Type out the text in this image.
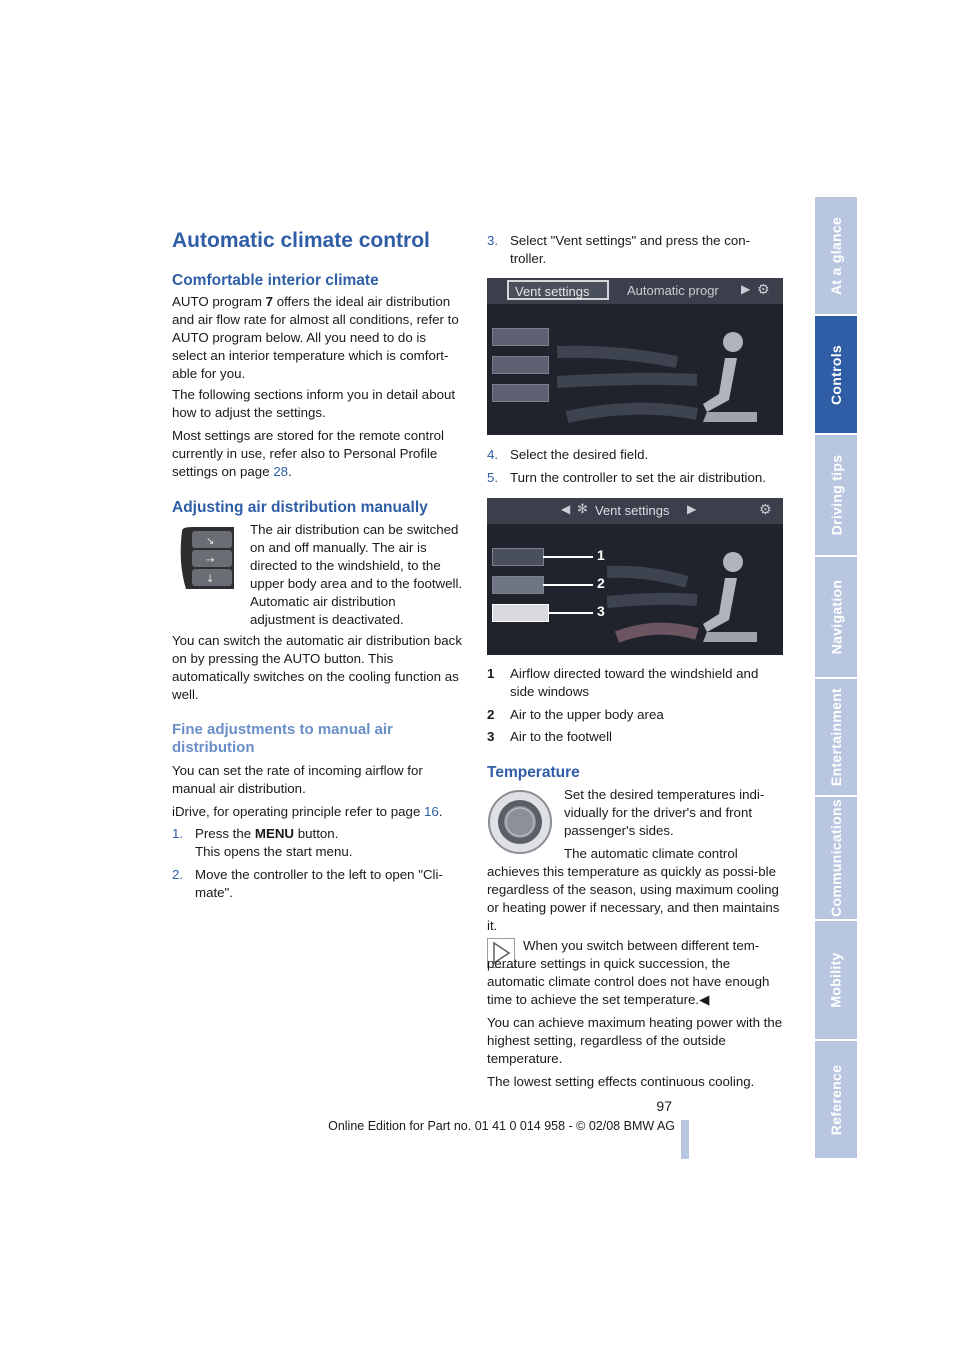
At a glance
Controls
Driving tips
Navigation
Entertainment
Communications
Mobility
Reference
Automatic climate control
Comfortable interior climate
AUTO program 7 offers the ideal air distribution and air flow rate for almost all conditions, refer to AUTO program below. All you need to do is select an interior temperature which is comfort-able for you.
The following sections inform you in detail about how to adjust the settings.
Most settings are stored for the remote control currently in use, refer also to Personal Profile settings on page 28.
Adjusting air distribution manually
↘︎
→
↓
The air distribution can be switched on and off manually. The air is directed to the windshield, to the upper body area and to the footwell. Automatic air distribution adjustment is deactivated.
You can switch the automatic air distribution back on by pressing the AUTO button. This automatically switches on the cooling function as well.
Fine adjustments to manual air distribution
You can set the rate of incoming airflow for manual air distribution.
iDrive, for operating principle refer to page 16.
1. Press the MENU button.
This opens the start menu.
2. Move the controller to the left to open "Cli-mate".
3. Select "Vent settings" and press the con-troller.
Vent settings	Automatic progr ▶ ⚙
4. Select the desired field.
5. Turn the controller to set the air distribution.
◀ ✻ Vent settings ▶	⚙
1
2
3
1 Airflow directed toward the windshield and side windows
2 Air to the upper body area
3 Air to the footwell
Temperature
Set the desired temperatures indi-vidually for the driver's and front passenger's sides.
The automatic climate control achieves this temperature as quickly as possi-ble regardless of the season, using maximum cooling or heating power if necessary, and then maintains it.
When you switch between different tem-perature settings in quick succession, the automatic climate control does not have enough time to achieve the set temperature.◀
You can achieve maximum heating power with the highest setting, regardless of the outside temperature.
The lowest setting effects continuous cooling.
97
Online Edition for Part no. 01 41 0 014 958 - © 02/08 BMW AG
